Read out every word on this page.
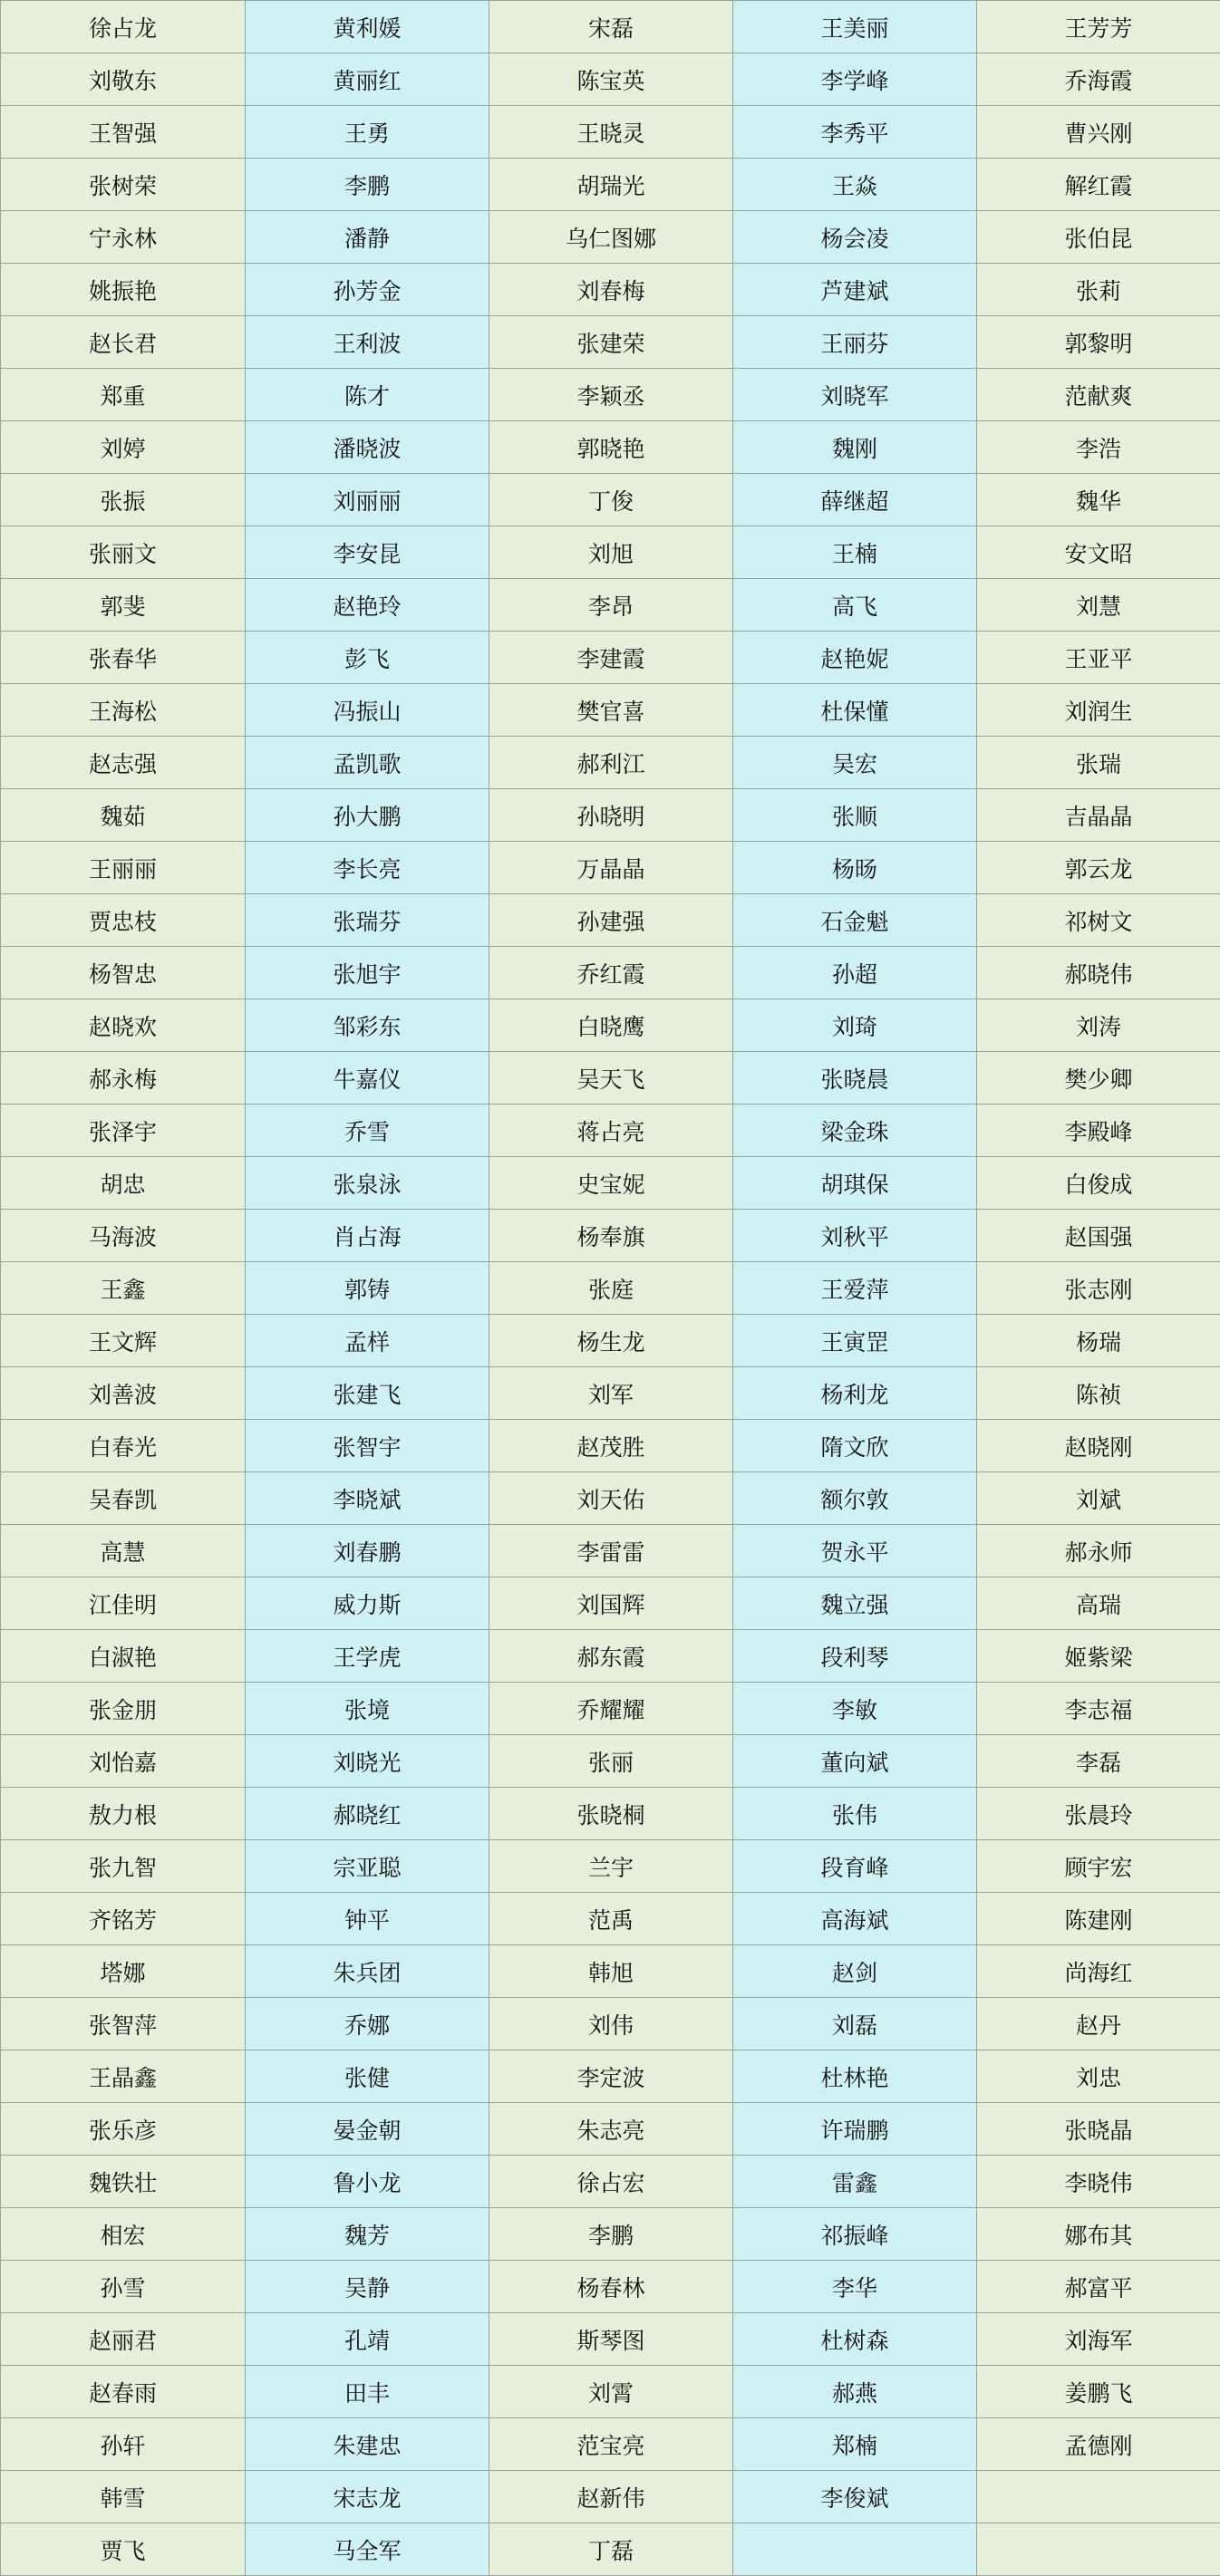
徐占龙	黄利媛	宋磊	王美丽	王芳芳
刘敬东	黄丽红	陈宝英	李学峰	乔海霞
王智强	王勇	王晓灵	李秀平	曹兴刚
张树荣	李鹏	胡瑞光	王焱	解红霞
宁永林	潘静	乌仁图娜	杨会凌	张伯昆
姚振艳	孙芳金	刘春梅	芦建斌	张莉
赵长君	王利波	张建荣	王丽芬	郭黎明
郑重	陈才	李颖丞	刘晓军	范献爽
刘婷	潘晓波	郭晓艳	魏刚	李浩
张振	刘丽丽	丁俊	薛继超	魏华
张丽文	李安昆	刘旭	王楠	安文昭
郭斐	赵艳玲	李昂	高飞	刘慧
张春华	彭飞	李建霞	赵艳妮	王亚平
王海松	冯振山	樊官喜	杜保懂	刘润生
赵志强	孟凯歌	郝利江	吴宏	张瑞
魏茹	孙大鹏	孙晓明	张顺	吉晶晶
王丽丽	李长亮	万晶晶	杨旸	郭云龙
贾忠枝	张瑞芬	孙建强	石金魁	祁树文
杨智忠	张旭宇	乔红霞	孙超	郝晓伟
赵晓欢	邹彩东	白晓鹰	刘琦	刘涛
郝永梅	牛嘉仪	吴天飞	张晓晨	樊少卿
张泽宇	乔雪	蒋占亮	梁金珠	李殿峰
胡忠	张泉泳	史宝妮	胡琪保	白俊成
马海波	肖占海	杨奉旗	刘秋平	赵国强
王鑫	郭铸	张庭	王爱萍	张志刚
王文辉	孟样	杨生龙	王寅罡	杨瑞
刘善波	张建飞	刘军	杨利龙	陈祯
白春光	张智宇	赵茂胜	隋文欣	赵晓刚
吴春凯	李晓斌	刘天佑	额尔敦	刘斌
高慧	刘春鹏	李雷雷	贺永平	郝永师
江佳明	威力斯	刘国辉	魏立强	高瑞
白淑艳	王学虎	郝东霞	段利琴	姬紫梁
张金朋	张境	乔耀耀	李敏	李志福
刘怡嘉	刘晓光	张丽	董向斌	李磊
敖力根	郝晓红	张晓桐	张伟	张晨玲
张九智	宗亚聪	兰宇	段育峰	顾宇宏
齐铭芳	钟平	范禹	高海斌	陈建刚
塔娜	朱兵团	韩旭	赵剑	尚海红
张智萍	乔娜	刘伟	刘磊	赵丹
王晶鑫	张健	李定波	杜林艳	刘忠
张乐彦	晏金朝	朱志亮	许瑞鹏	张晓晶
魏铁壮	鲁小龙	徐占宏	雷鑫	李晓伟
相宏	魏芳	李鹏	祁振峰	娜布其
孙雪	吴静	杨春林	李华	郝富平
赵丽君	孔靖	斯琴图	杜树森	刘海军
赵春雨	田丰	刘霄	郝燕	姜鹏飞
孙轩	朱建忠	范宝亮	郑楠	孟德刚
韩雪	宋志龙	赵新伟	李俊斌	
贾飞	马全军	丁磊		
